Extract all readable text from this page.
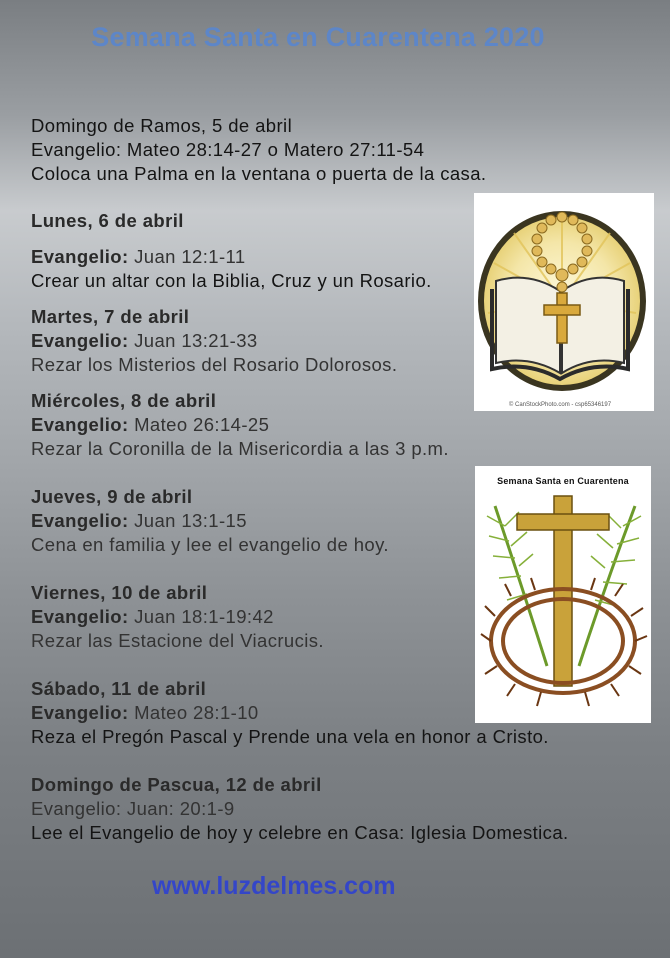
Semana Santa en Cuarentena 2020
Domingo de Ramos, 5 de abril
Evangelio: Mateo 28:14-27 o Matero 27:11-54
Coloca una Palma en la ventana o puerta de la casa.
Lunes, 6 de abril
Evangelio: Juan 12:1-11
Crear un altar con la Biblia, Cruz y un Rosario.
Martes, 7 de abril
Evangelio: Juan 13:21-33
Rezar los Misterios del Rosario Dolorosos.
Miércoles, 8 de abril
Evangelio: Mateo 26:14-25
Rezar la Coronilla de la Misericordia a las 3 p.m.
Jueves, 9 de abril
Evangelio: Juan 13:1-15
Cena en familia y lee el evangelio de hoy.
Viernes, 10 de abril
Evangelio: Juan 18:1-19:42
Rezar las Estacione del Viacrucis.
Sábado, 11 de abril
Evangelio: Mateo 28:1-10
Reza el Pregón Pascal y Prende una vela en honor a Cristo.
Domingo de Pascua, 12 de abril
Evangelio: Juan: 20:1-9
Lee el Evangelio de hoy y celebre en Casa: Iglesia Domestica.
© CanStockPhoto.com - csp65346197
Semana Santa en Cuarentena
www.luzdelmes.com
